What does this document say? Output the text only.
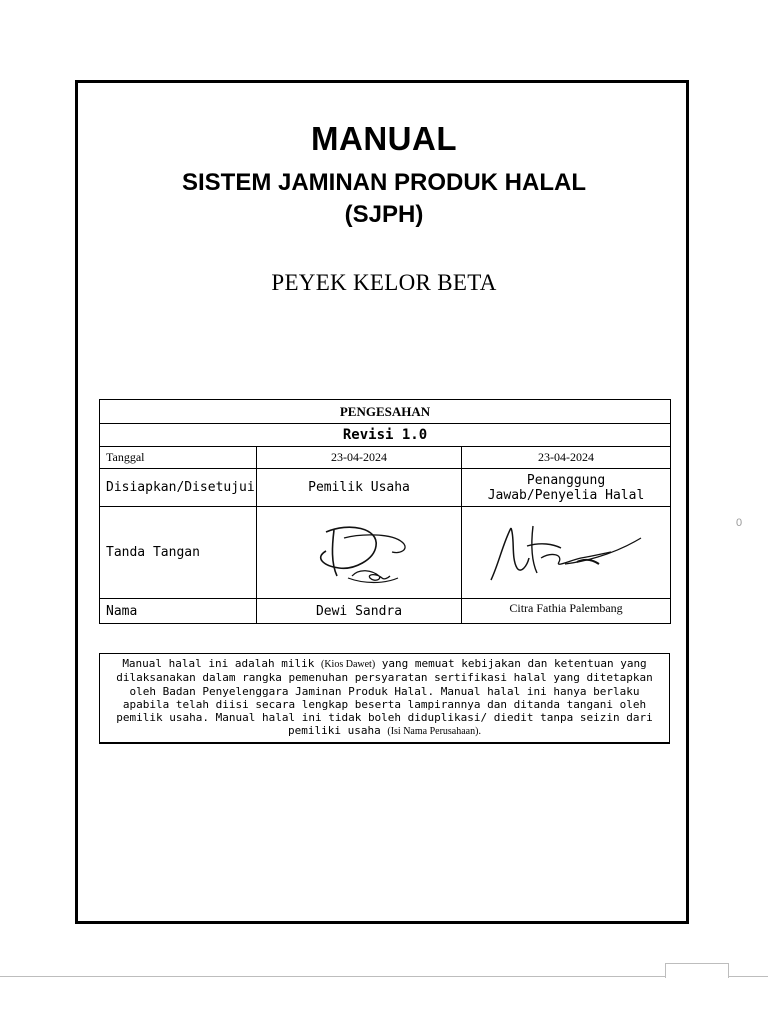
MANUAL
SISTEM JAMINAN PRODUK HALAL
(SJPH)
PEYEK KELOR BETA
PENGESAHAN		
Revisi 1.0		
Tanggal	23-04-2024	23-04-2024
Disiapkan/Disetujui	Pemilik Usaha	Penanggung
Jawab/Penyelia Halal

Tanda Tangan	

Nama	Dewi Sandra	Citra Fathia Palembang

Manual halal ini adalah milik (Kios Dawet) yang memuat kebijakan dan ketentuan yang dilaksanakan dalam rangka pemenuhan persyaratan sertifikasi halal yang ditetapkan oleh Badan Penyelenggara Jaminan Produk Halal. Manual halal ini hanya berlaku apabila telah diisi secara lengkap beserta lampirannya dan ditanda tangani oleh pemilik usaha. Manual halal ini tidak boleh diduplikasi/ diedit tanpa seizin dari pemiliki usaha (Isi Nama Perusahaan).

0
